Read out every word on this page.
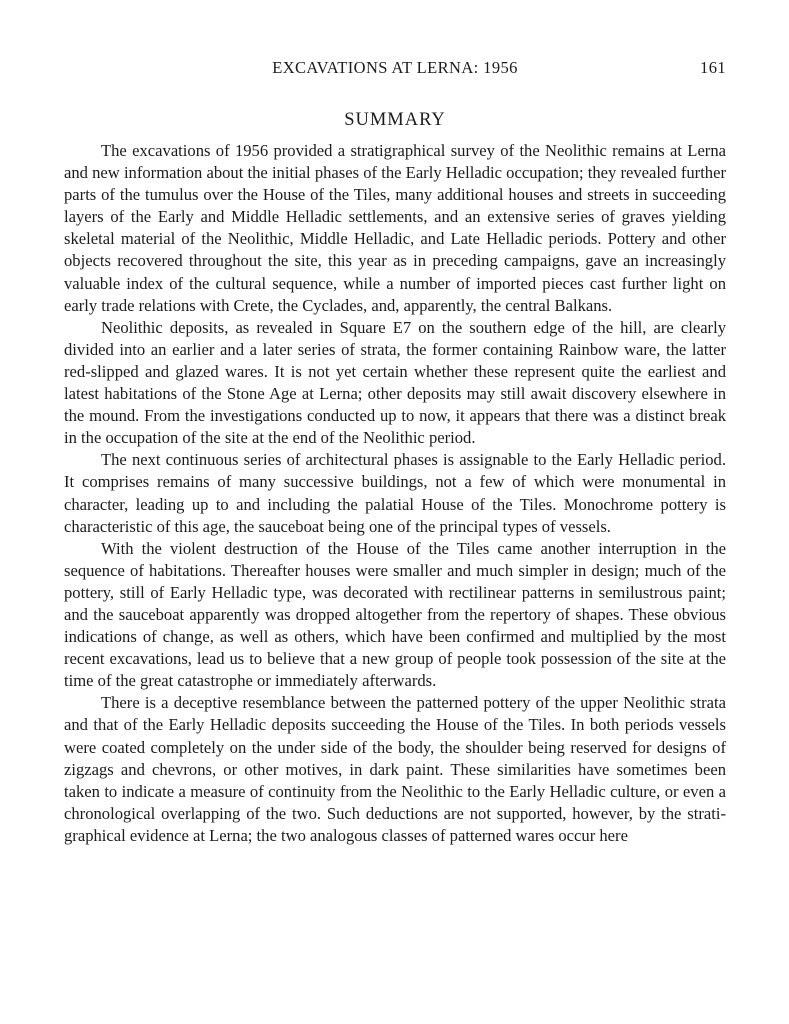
EXCAVATIONS AT LERNA: 1956	161
SUMMARY

The excavations of 1956 provided a stratigraphical survey of the Neolithic remains at Lerna and new information about the initial phases of the Early Helladic occupation; they revealed further parts of the tumulus over the House of the Tiles, many additional houses and streets in succeeding layers of the Early and Middle Helladic settlements, and an extensive series of graves yielding skeletal material of the Neolithic, Middle Helladic, and Late Helladic periods. Pottery and other objects recovered throughout the site, this year as in preceding campaigns, gave an increasingly valuable index of the cultural sequence, while a number of imported pieces cast further light on early trade relations with Crete, the Cyclades, and, apparently, the central Balkans.

Neolithic deposits, as revealed in Square E7 on the southern edge of the hill, are clearly divided into an earlier and a later series of strata, the former containing Rainbow ware, the latter red-slipped and glazed wares. It is not yet certain whether these represent quite the earliest and latest habitations of the Stone Age at Lerna; other deposits may still await discovery elsewhere in the mound. From the investigations conducted up to now, it appears that there was a distinct break in the occupation of the site at the end of the Neolithic period.

The next continuous series of architectural phases is assignable to the Early Helladic period. It comprises remains of many successive buildings, not a few of which were monumental in character, leading up to and including the palatial House of the Tiles. Monochrome pottery is characteristic of this age, the sauceboat being one of the principal types of vessels.

With the violent destruction of the House of the Tiles came another interruption in the sequence of habitations. Thereafter houses were smaller and much simpler in design; much of the pottery, still of Early Helladic type, was decorated with rectilinear patterns in semilustrous paint; and the sauceboat apparently was dropped altogether from the repertory of shapes. These obvious indications of change, as well as others, which have been confirmed and multiplied by the most recent excavations, lead us to believe that a new group of people took possession of the site at the time of the great catastrophe or immediately afterwards.

There is a deceptive resemblance between the patterned pottery of the upper Neolithic strata and that of the Early Helladic deposits succeeding the House of the Tiles. In both periods vessels were coated completely on the under side of the body, the shoulder being reserved for designs of zigzags and chevrons, or other motives, in dark paint. These similarities have sometimes been taken to indicate a measure of continuity from the Neolithic to the Early Helladic culture, or even a chronological overlapping of the two. Such deductions are not supported, however, by the stratigraphical evidence at Lerna; the two analogous classes of patterned wares occur here
